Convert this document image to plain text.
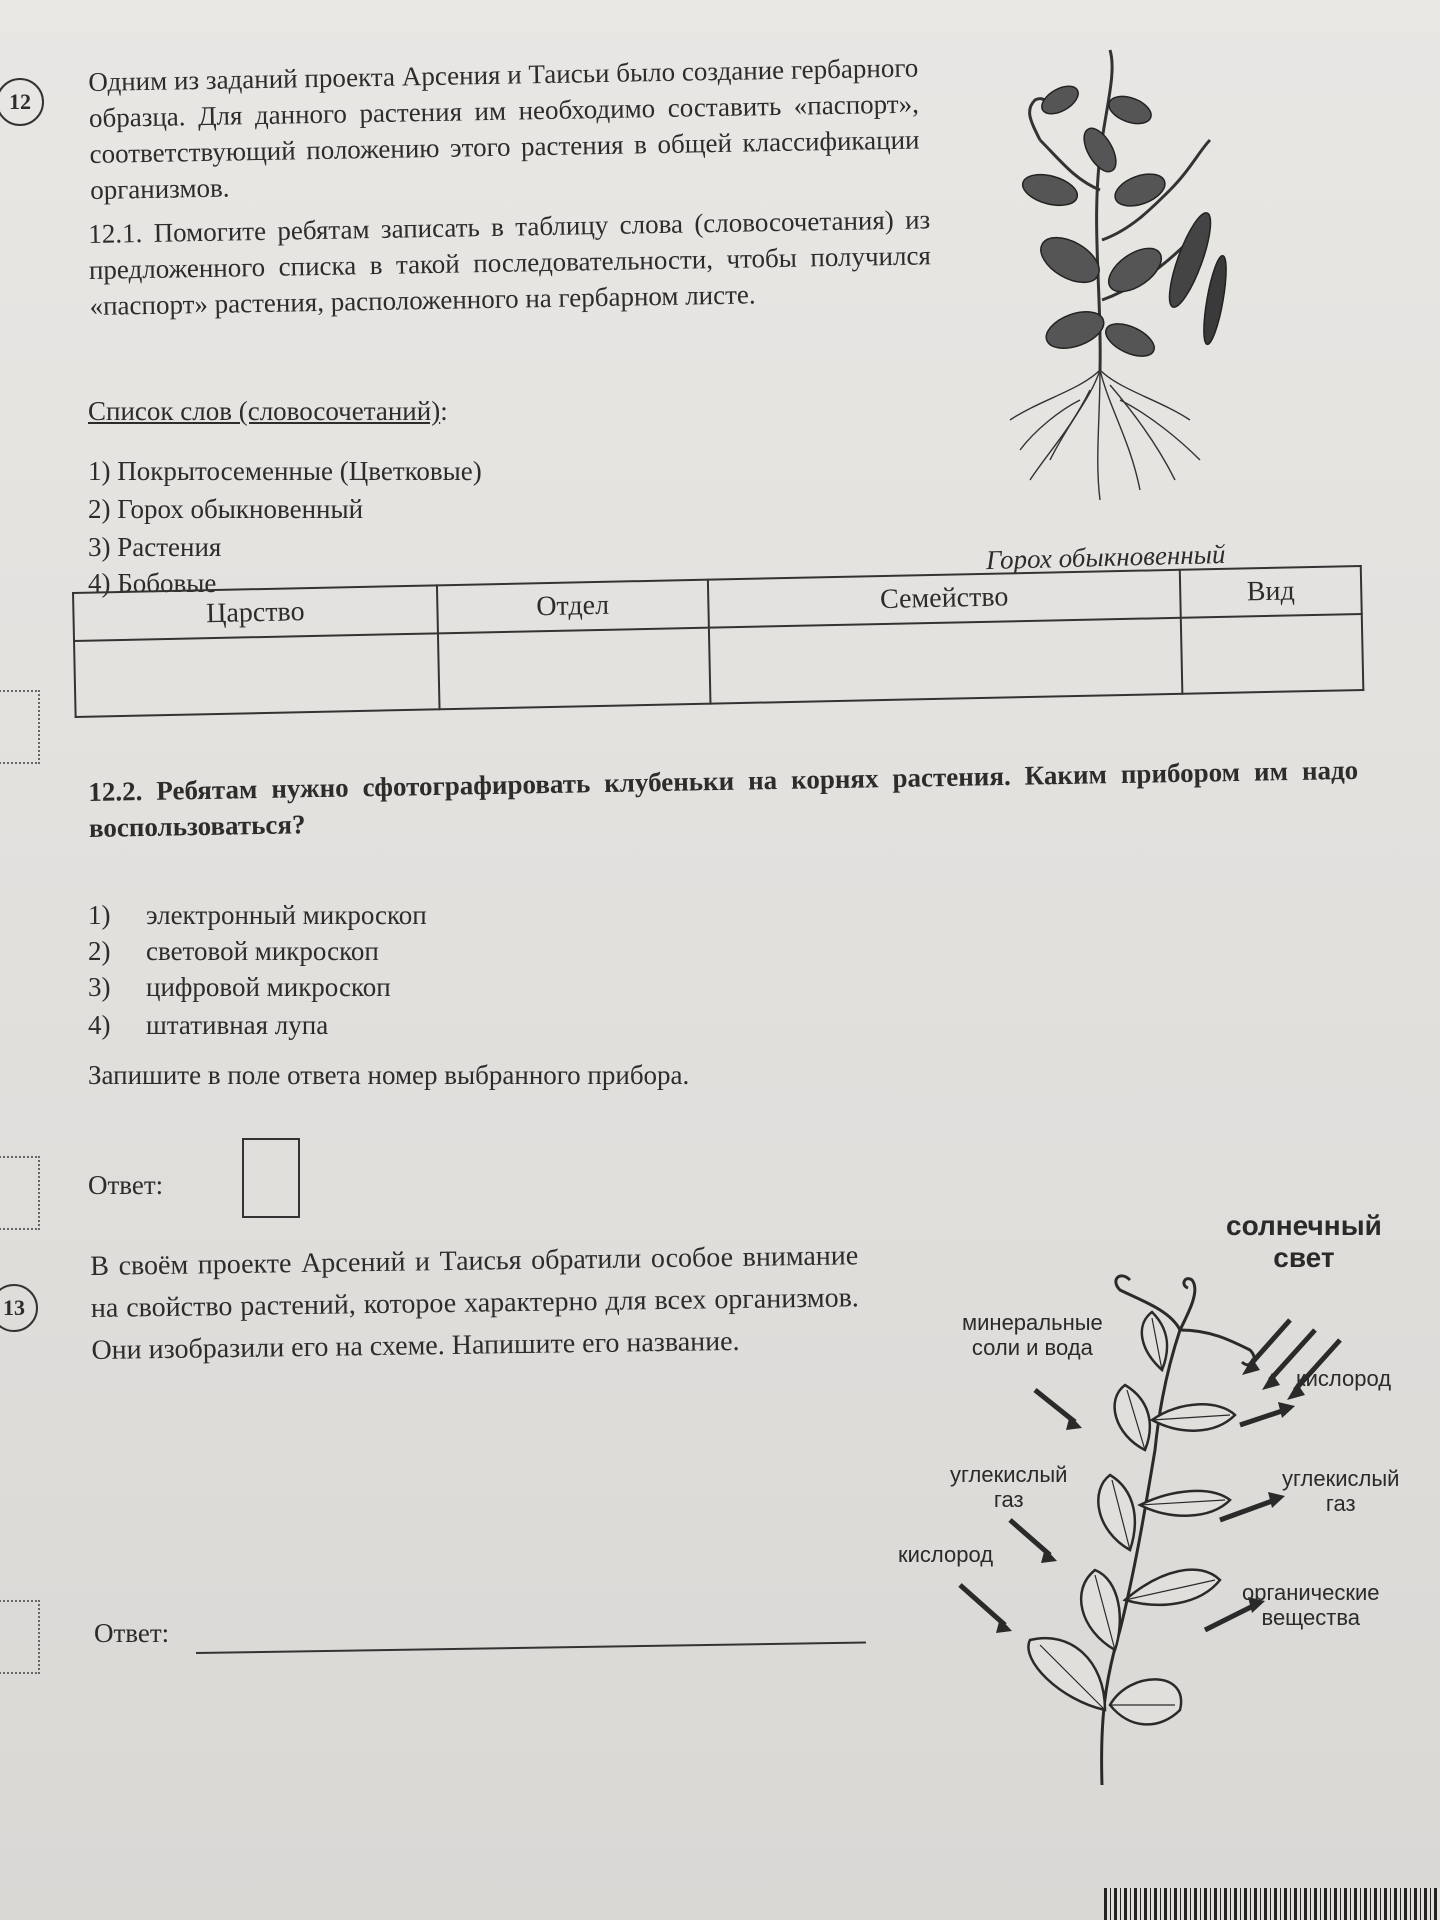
12
Одним из заданий проекта Арсения и Таисьи было создание гербарного образца. Для данного растения им необходимо составить «паспорт», соответствующий положению этого растения в общей классификации организмов.
12.1. Помогите ребятам записать в таблицу слова (словосочетания) из предложенного списка в такой последовательности, чтобы получился «паспорт» растения, расположенного на гербарном листе.
Список слов (словосочетаний):
1) Покрытосеменные (Цветковые)
2) Горох обыкновенный
3) Растения
4) Бобовые
Горох обыкновенный
Царство	Отдел	Семейство	Вид

12.2. Ребятам нужно сфотографировать клубеньки на корнях растения. Каким прибором им надо воспользоваться?
1) электронный микроскоп
2) световой микроскоп
3) цифровой микроскоп
4) штативная лупа
Запишите в поле ответа номер выбранного прибора.
Ответ:
13
В своём проекте Арсений и Таисья обратили особое внимание на свойство растений, которое характерно для всех организмов. Они изобразили его на схеме. Напишите его название.
Ответ:
солнечный
свет
минеральные
соли и вода
кислород
углекислый
газ
углекислый
газ
кислород
органические
вещества
